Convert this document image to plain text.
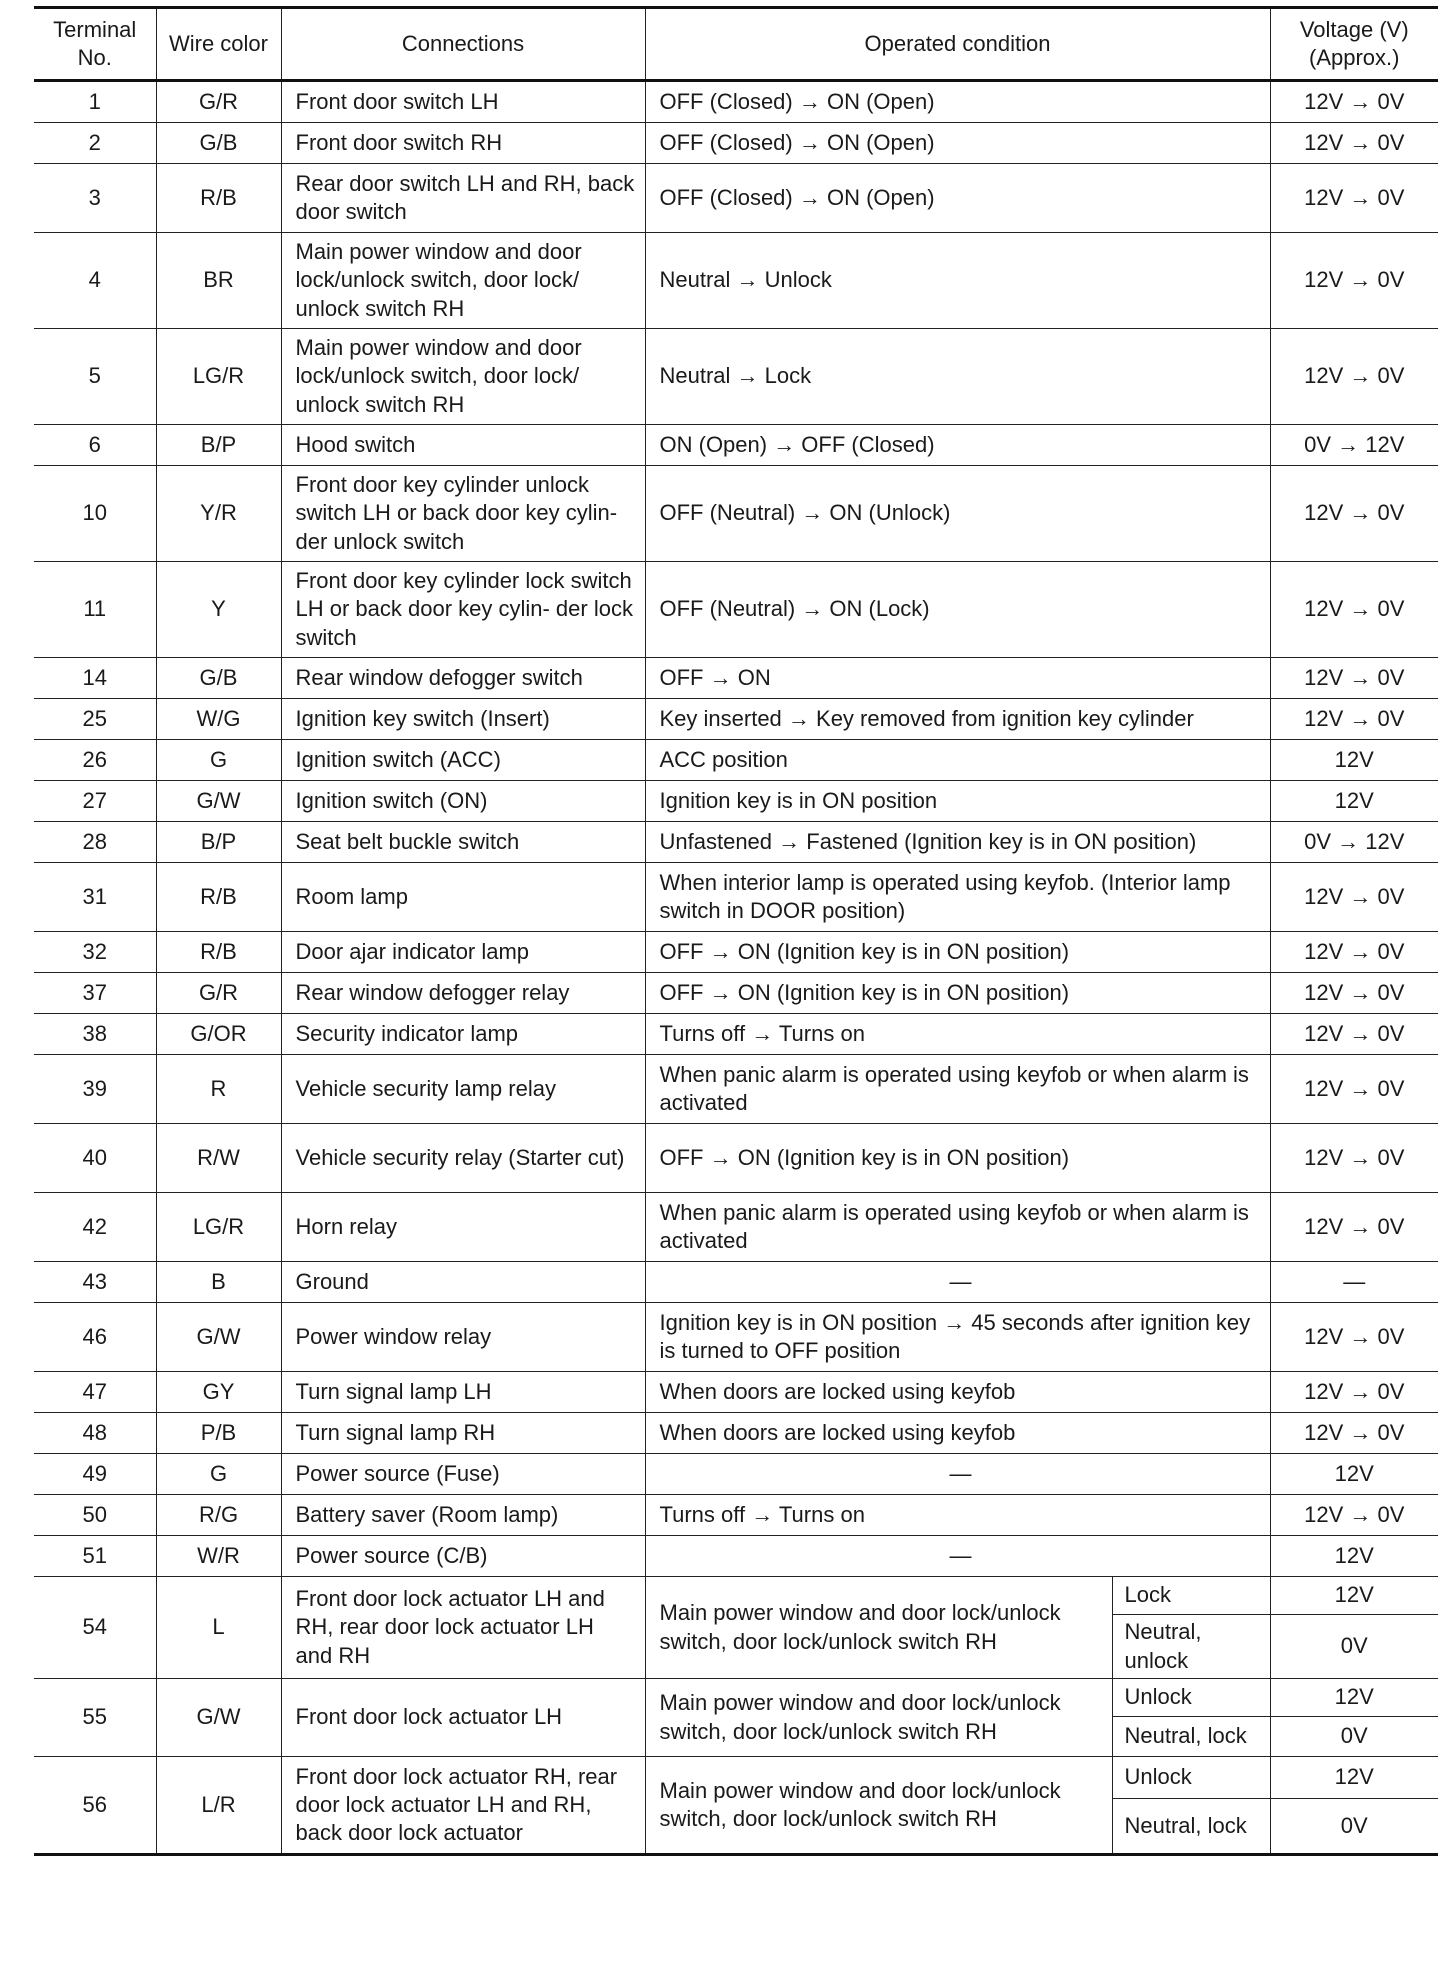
Terminal No.	Wire color	Connections	Operated condition		Voltage (V) (Approx.)
1	G/R	Front door switch LH	OFF (Closed) → ON (Open)		12V → 0V
2	G/B	Front door switch RH	OFF (Closed) → ON (Open)		12V → 0V
3	R/B	Rear door switch LH and RH, back door switch	OFF (Closed) → ON (Open)		12V → 0V
4	BR	Main power window and door lock/unlock switch, door lock/ unlock switch RH	Neutral → Unlock		12V → 0V
5	LG/R	Main power window and door lock/unlock switch, door lock/ unlock switch RH	Neutral → Lock		12V → 0V
6	B/P	Hood switch	ON (Open) → OFF (Closed)		0V → 12V
10	Y/R	Front door key cylinder unlock switch LH or back door key cylin- der unlock switch	OFF (Neutral) → ON (Unlock)		12V → 0V
11	Y	Front door key cylinder lock switch LH or back door key cylin- der lock switch	OFF (Neutral) → ON (Lock)		12V → 0V
14	G/B	Rear window defogger switch	OFF → ON		12V → 0V
25	W/G	Ignition key switch (Insert)	Key inserted → Key removed from ignition key cylinder		12V → 0V
26	G	Ignition switch (ACC)	ACC position		12V
27	G/W	Ignition switch (ON)	Ignition key is in ON position		12V
28	B/P	Seat belt buckle switch	Unfastened → Fastened (Ignition key is in ON position)		0V → 12V
31	R/B	Room lamp	When interior lamp is operated using keyfob. (Interior lamp switch in DOOR position)		12V → 0V
32	R/B	Door ajar indicator lamp	OFF → ON (Ignition key is in ON position)		12V → 0V
37	G/R	Rear window defogger relay	OFF → ON (Ignition key is in ON position)		12V → 0V
38	G/OR	Security indicator lamp	Turns off → Turns on		12V → 0V
39	R	Vehicle security lamp relay	When panic alarm is operated using keyfob or when alarm is activated		12V → 0V
40	R/W	Vehicle security relay (Starter cut)	OFF → ON (Ignition key is in ON position)		12V → 0V
42	LG/R	Horn relay	When panic alarm is operated using keyfob or when alarm is activated		12V → 0V
43	B	Ground	—		—
46	G/W	Power window relay	Ignition key is in ON position → 45 seconds after ignition key is turned to OFF position		12V → 0V
47	GY	Turn signal lamp LH	When doors are locked using keyfob		12V → 0V
48	P/B	Turn signal lamp RH	When doors are locked using keyfob		12V → 0V
49	G	Power source (Fuse)	—		12V
50	R/G	Battery saver (Room lamp)	Turns off → Turns on		12V → 0V
51	W/R	Power source (C/B)	—		12V
54	L	Front door lock actuator LH and RH, rear door lock actuator LH and RH	Main power window and door lock/unlock switch, door lock/unlock switch RH	Lock	12V
				Neutral, unlock	0V
55	G/W	Front door lock actuator LH	Main power window and door lock/unlock switch, door lock/unlock switch RH	Unlock	12V
				Neutral, lock	0V
56	L/R	Front door lock actuator RH, rear door lock actuator LH and RH, back door lock actuator	Main power window and door lock/unlock switch, door lock/unlock switch RH	Unlock	12V
				Neutral, lock	0V
